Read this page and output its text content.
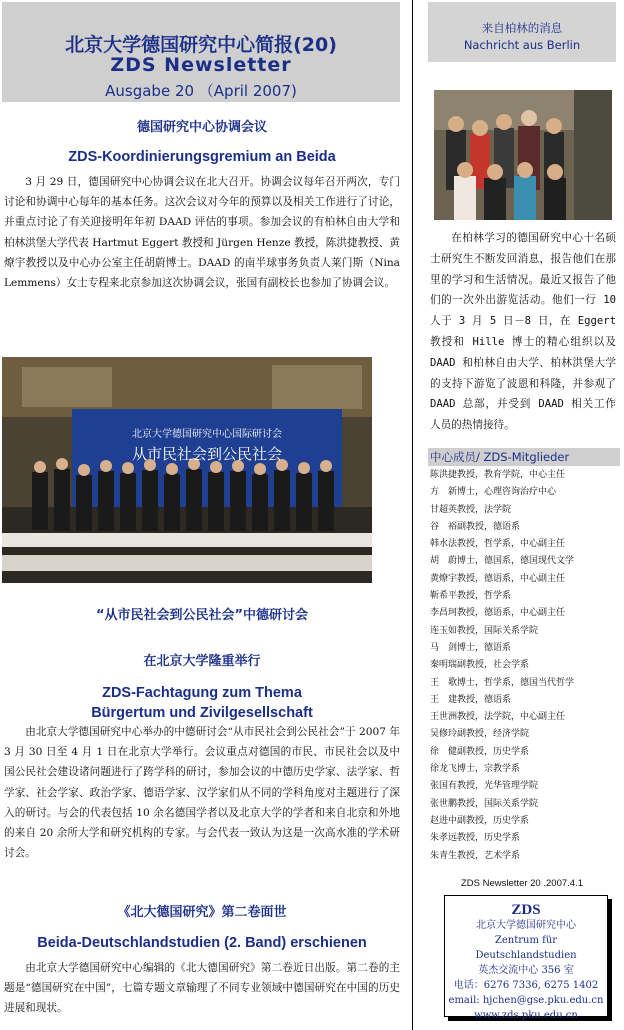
北京大学德国研究中心简报(20)
ZDS Newsletter
Ausgabe 20 （April 2007)
德国研究中心协调会议
ZDS-Koordinierungsgremium an Beida
3 月 29 日，德国研究中心协调会议在北大召开。协调会议每年召开两次，专门讨论和协调中心每年的基本任务。这次会议对今年的预算以及相关工作进行了讨论，并重点讨论了有关迎接明年年初 DAAD 评估的事项。参加会议的有柏林自由大学和柏林洪堡大学代表 Hartmut Eggert 教授和 Jürgen Henze 教授，陈洪捷教授、黄燎宇教授以及中心办公室主任胡蔚博士。DAAD 的南半球事务负责人莱门斯（Nina Lemmens）女士专程来北京参加这次协调会议，张国有副校长也参加了协调会议。
北京大学德国研究中心国际研讨会
从市民社会到公民社会
“从市民社会到公民社会”中德研讨会
在北京大学隆重举行
ZDS-Fachtagung zum Thema
Bürgertum und Zivilgesellschaft
由北京大学德国研究中心举办的中德研讨会“从市民社会到公民社会”于 2007 年 3 月 30 日至 4 月 1 日在北京大学举行。会议重点对德国的市民、市民社会以及中国公民社会建设诸问题进行了跨学科的研讨，参加会议的中德历史学家、法学家、哲学家、社会学家、政治学家、德语学家、汉学家们从不同的学科角度对主题进行了深入的研讨。与会的代表包括 10 余名德国学者以及北京大学的学者和来自北京和外地的来自 20 余所大学和研究机构的专家。与会代表一致认为这是一次高水准的学术研讨会。
《北大德国研究》第二卷面世
Beida-Deutschlandstudien (2. Band) erschienen
由北京大学德国研究中心编辑的《北大德国研究》第二卷近日出版。第二卷的主题是“德国研究在中国”，七篇专题文章输理了不同专业领域中德国研究在中国的历史进展和现状。
来自柏林的消息
Nachricht aus Berlin
在柏林学习的德国研究中心十名硕士研究生不断发回消息，报告他们在那里的学习和生活情况。最近又报告了他们的一次外出游览活动。他们一行 10 人于 3 月 5 日－8 日，在 Eggert 教授和 Hille 博士的精心组织以及 DAAD 和柏林自由大学、柏林洪堡大学的支持下游览了波恩和科隆，并参观了 DAAD 总部，并受到 DAAD 相关工作人员的热情接待。
中心成员/ ZDS-Mitglieder
陈洪捷教授，教育学院，中心主任
方　新博士，心理咨询治疗中心
甘超英教授，法学院
谷　裕副教授，德语系
韩水法教授，哲学系，中心副主任
胡　蔚博士，德国系，德国现代文学
黄燎宇教授，德语系，中心副主任
靳希平教授，哲学系
李昌珂教授，德语系，中心副主任
连玉如教授，国际关系学院
马　剑博士，德语系
秦明瑞副教授，社会学系
王　歌博士，哲学系，德国当代哲学
王　建教授，德语系
王世洲教授，法学院，中心副主任
吴修玲副教授，经济学院
徐　健副教授，历史学系
徐龙飞博士，宗教学系
张国有教授，光华管理学院
张世鹏教授，国际关系学院
赵进中副教授，历史学系
朱孝远教授，历史学系
朱青生教授，艺术学系
ZDS Newsletter 20 .2007.4.1
ZDS
北京大学德国研究中心
Zentrum für Deutschlandstudien
英杰交流中心 356 室
电话：6276 7336, 6275 1402
email: hjchen@gse.pku.edu.cn
www.zds.pku.edu.cn
